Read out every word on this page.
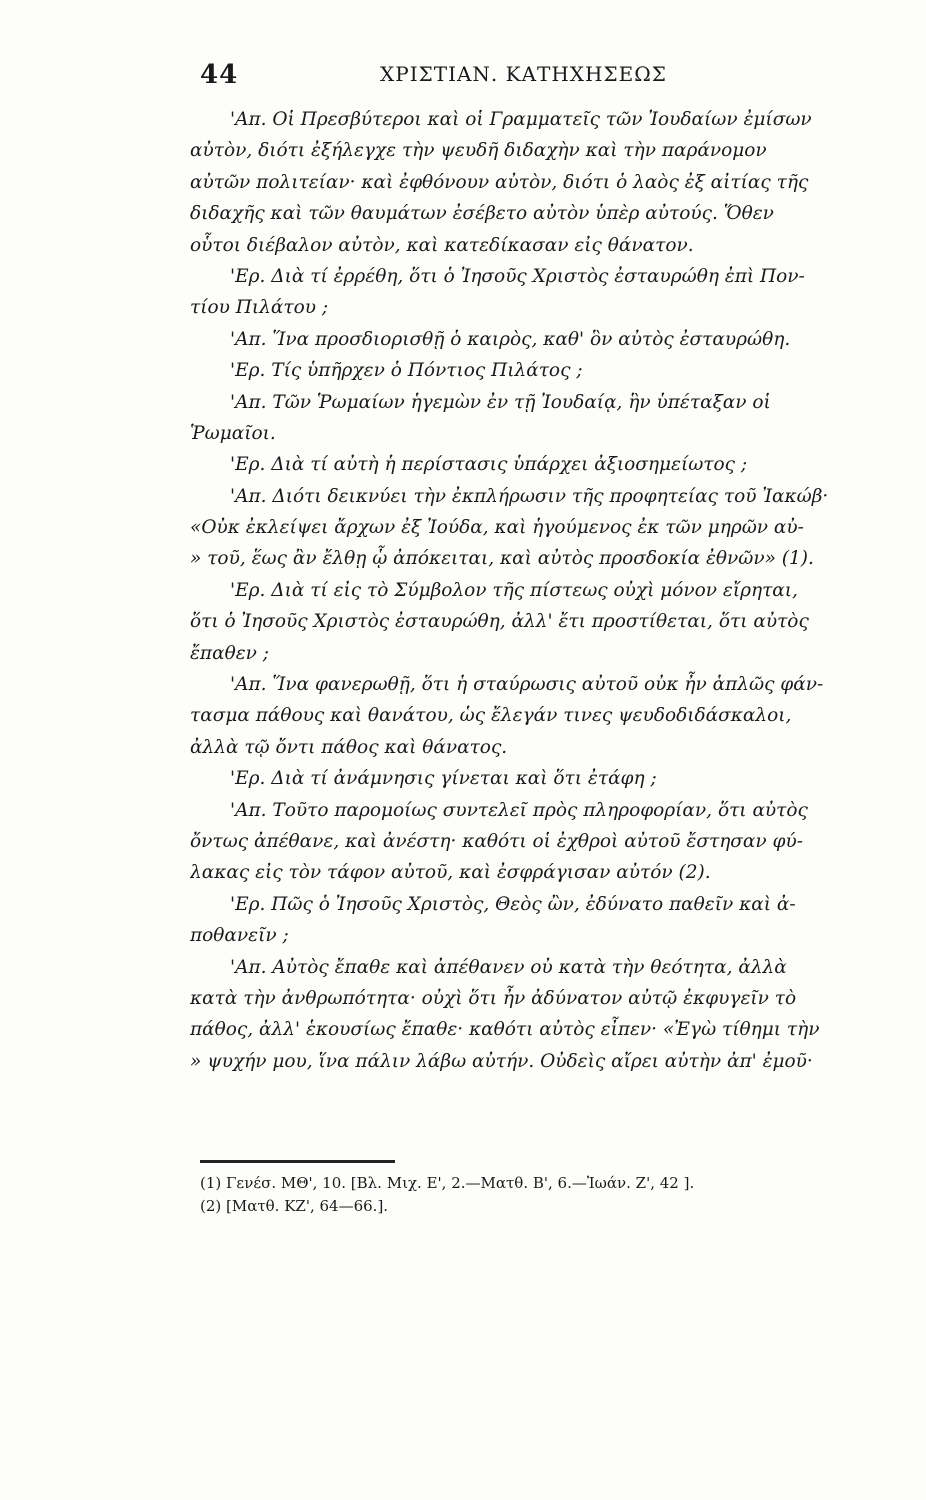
44	ΧΡΙΣΤΙΑΝ. ΚΑΤΗΧΗΣΕΩΣ
'Απ. Οἱ Πρεσβύτεροι καὶ οἱ Γραμματεῖς τῶν Ἰουδαίων ἐμίσων
αὐτὸν, διότι ἐξήλεγχε τὴν ψευδῆ διδαχὴν καὶ τὴν παράνομον
αὐτῶν πολιτείαν· καὶ ἐφθόνουν αὐτὸν, διότι ὁ λαὸς ἐξ αἰτίας τῆς
διδαχῆς καὶ τῶν θαυμάτων ἐσέβετο αὐτὸν ὑπὲρ αὐτούς. Ὅθεν
οὗτοι διέβαλον αὐτὸν, καὶ κατεδίκασαν εἰς θάνατον.
'Ερ. Διὰ τί ἐρρέθη, ὅτι ὁ Ἰησοῦς Χριστὸς ἐσταυρώθη ἐπὶ Πον-
τίου Πιλάτου ;
'Απ. Ἵνα προσδιορισθῇ ὁ καιρὸς, καθ' ὃν αὐτὸς ἐσταυρώθη.
'Ερ. Τίς ὑπῆρχεν ὁ Πόντιος Πιλάτος ;
'Απ. Τῶν Ῥωμαίων ἡγεμὼν ἐν τῇ Ἰουδαίᾳ, ἣν ὑπέταξαν οἱ
Ῥωμαῖοι.
'Ερ. Διὰ τί αὐτὴ ἡ περίστασις ὑπάρχει ἀξιοσημείωτος ;
'Απ. Διότι δεικνύει τὴν ἐκπλήρωσιν τῆς προφητείας τοῦ Ἰακώβ·
«Οὐκ ἐκλείψει ἄρχων ἐξ Ἰούδα, καὶ ἡγούμενος ἐκ τῶν μηρῶν αὐ-
» τοῦ, ἕως ἂν ἔλθῃ ᾧ ἀπόκειται, καὶ αὐτὸς προσδοκία ἐθνῶν» (1).
'Ερ. Διὰ τί εἰς τὸ Σύμβολον τῆς πίστεως οὐχὶ μόνον εἴρηται,
ὅτι ὁ Ἰησοῦς Χριστὸς ἐσταυρώθη, ἀλλ' ἔτι προστίθεται, ὅτι αὐτὸς
ἔπαθεν ;
'Απ. Ἵνα φανερωθῇ, ὅτι ἡ σταύρωσις αὐτοῦ οὐκ ἦν ἁπλῶς φάν-
τασμα πάθους καὶ θανάτου, ὡς ἔλεγάν τινες ψευδοδιδάσκαλοι,
ἀλλὰ τῷ ὄντι πάθος καὶ θάνατος.
'Ερ. Διὰ τί ἀνάμνησις γίνεται καὶ ὅτι ἐτάφη ;
'Απ. Τοῦτο παρομοίως συντελεῖ πρὸς πληροφορίαν, ὅτι αὐτὸς
ὄντως ἀπέθανε, καὶ ἀνέστη· καθότι οἱ ἐχθροὶ αὐτοῦ ἔστησαν φύ-
λακας εἰς τὸν τάφον αὐτοῦ, καὶ ἐσφράγισαν αὐτόν (2).
'Ερ. Πῶς ὁ Ἰησοῦς Χριστὸς, Θεὸς ὢν, ἐδύνατο παθεῖν καὶ ἀ-
ποθανεῖν ;
'Απ. Αὐτὸς ἔπαθε καὶ ἀπέθανεν οὐ κατὰ τὴν θεότητα, ἀλλὰ
κατὰ τὴν ἀνθρωπότητα· οὐχὶ ὅτι ἦν ἀδύνατον αὐτῷ ἐκφυγεῖν τὸ
πάθος, ἀλλ' ἑκουσίως ἔπαθε· καθότι αὐτὸς εἶπεν· «Ἐγὼ τίθημι τὴν
» ψυχήν μου, ἵνα πάλιν λάβω αὐτήν. Οὐδεὶς αἴρει αὐτὴν ἀπ' ἐμοῦ·
(1) Γενέσ. ΜΘ', 10. [Βλ. Μιχ. Ε', 2.—Ματθ. Β', 6.—Ἰωάν. Ζ', 42 ].
(2) [Ματθ. ΚΖ', 64—66.].
